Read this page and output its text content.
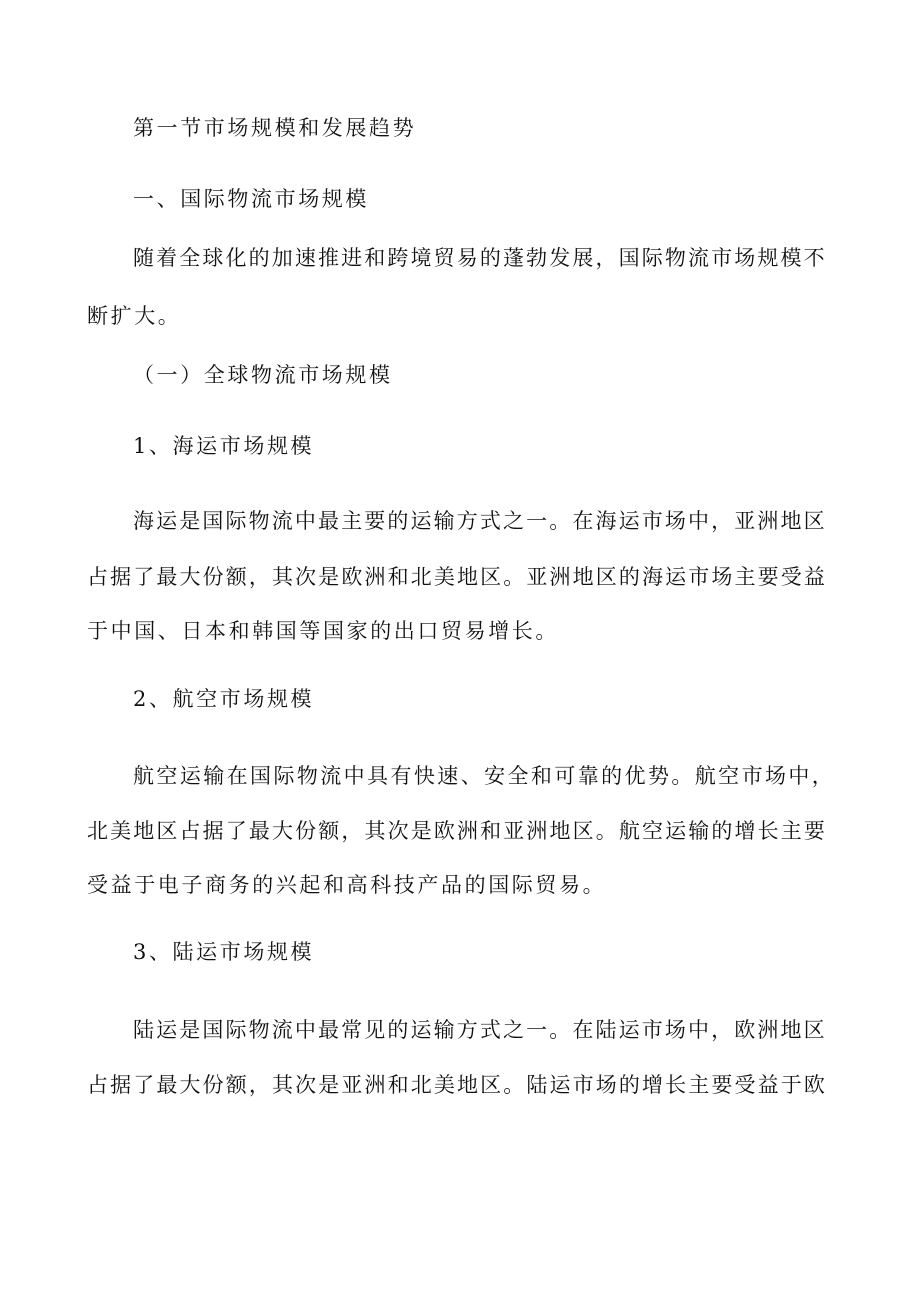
第一节市场规模和发展趋势
一、国际物流市场规模
随 着 全 球 化 的 加 速 推 进 和 跨 境 贸 易 的 蓬 勃 发 展 ， 国 际 物 流 市 场 规 模 不
断扩大。
（一）全球物流市场规模
1、海运市场规模
海 运 是 国 际 物 流 中 最 主 要 的 运 输 方 式 之 一 。 在 海 运 市 场 中 ， 亚 洲 地 区
占 据 了 最 大 份 额 ， 其 次 是 欧 洲 和 北 美 地 区 。 亚 洲 地 区 的 海 运 市 场 主 要 受 益
于中国、日本和韩国等国家的出口贸易增长。
2、航空市场规模
航 空 运 输 在 国 际 物 流 中 具 有 快 速 、 安 全 和 可 靠 的 优 势 。 航 空 市 场 中 ，
北 美 地 区 占 据 了 最 大 份 额 ， 其 次 是 欧 洲 和 亚 洲 地 区 。 航 空 运 输 的 增 长 主 要
受益于电子商务的兴起和高科技产品的国际贸易。
3、陆运市场规模
陆 运 是 国 际 物 流 中 最 常 见 的 运 输 方 式 之 一 。 在 陆 运 市 场 中 ， 欧 洲 地 区
占 据 了 最 大 份 额 ， 其 次 是 亚 洲 和 北 美 地 区 。 陆 运 市 场 的 增 长 主 要 受 益 于 欧
